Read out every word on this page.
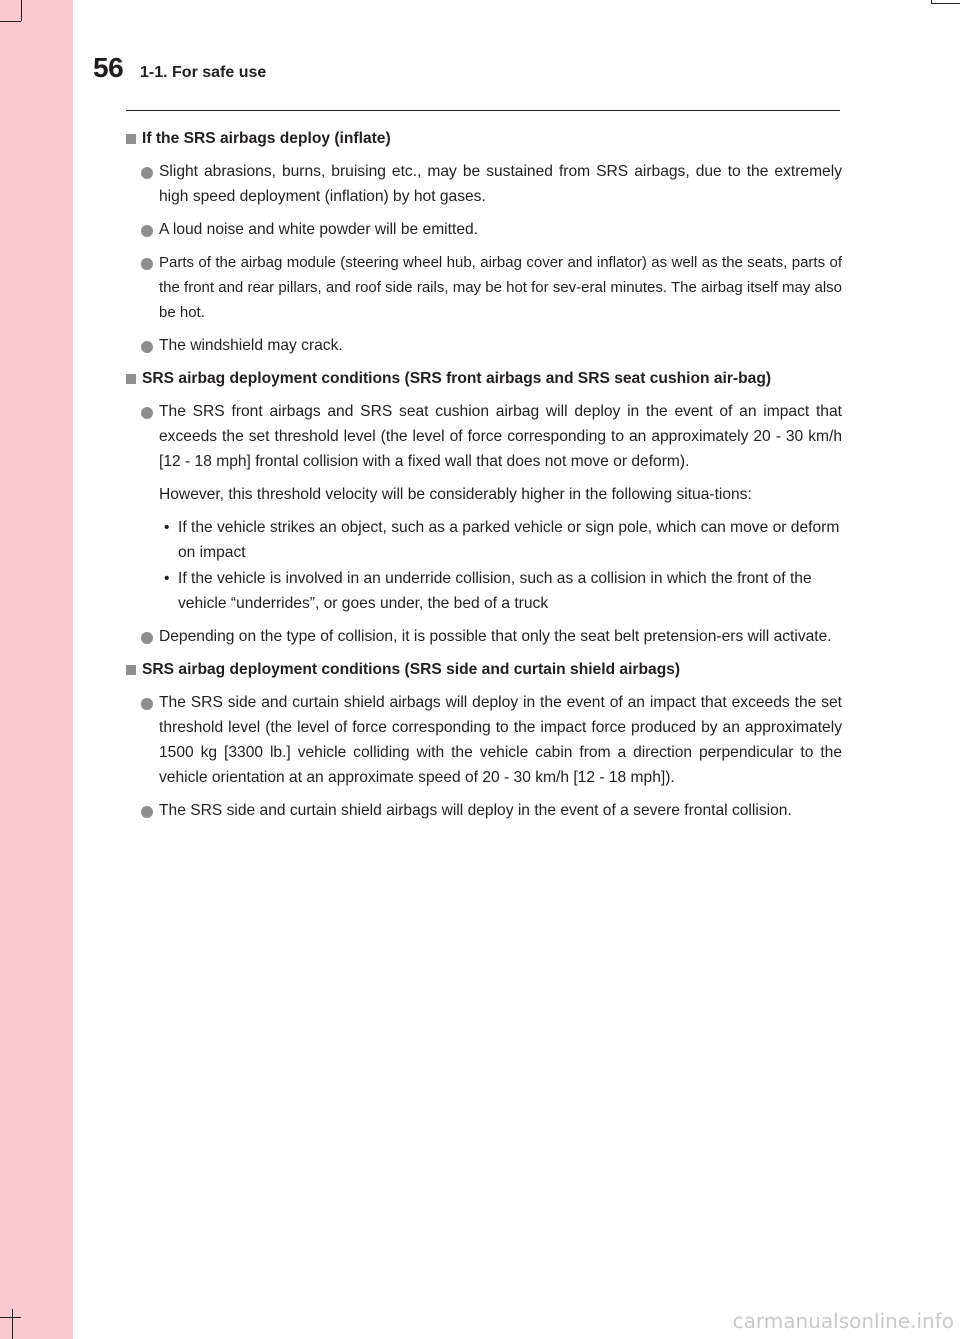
56 1-1. For safe use
If the SRS airbags deploy (inflate)
Slight abrasions, burns, bruising etc., may be sustained from SRS airbags, due to the extremely high speed deployment (inflation) by hot gases.
A loud noise and white powder will be emitted.
Parts of the airbag module (steering wheel hub, airbag cover and inflator) as well as the seats, parts of the front and rear pillars, and roof side rails, may be hot for sev-eral minutes. The airbag itself may also be hot.
The windshield may crack.
SRS airbag deployment conditions (SRS front airbags and SRS seat cushion air-bag)
The SRS front airbags and SRS seat cushion airbag will deploy in the event of an impact that exceeds the set threshold level (the level of force corresponding to an approximately 20 - 30 km/h [12 - 18 mph] frontal collision with a fixed wall that does not move or deform).
However, this threshold velocity will be considerably higher in the following situa-tions:
• If the vehicle strikes an object, such as a parked vehicle or sign pole, which can move or deform on impact
• If the vehicle is involved in an underride collision, such as a collision in which the front of the vehicle “underrides”, or goes under, the bed of a truck
Depending on the type of collision, it is possible that only the seat belt pretension-ers will activate.
SRS airbag deployment conditions (SRS side and curtain shield airbags)
The SRS side and curtain shield airbags will deploy in the event of an impact that exceeds the set threshold level (the level of force corresponding to the impact force produced by an approximately 1500 kg [3300 lb.] vehicle colliding with the vehicle cabin from a direction perpendicular to the vehicle orientation at an approximate speed of 20 - 30 km/h [12 - 18 mph]).
The SRS side and curtain shield airbags will deploy in the event of a severe frontal collision.
carmanualsonline.info
